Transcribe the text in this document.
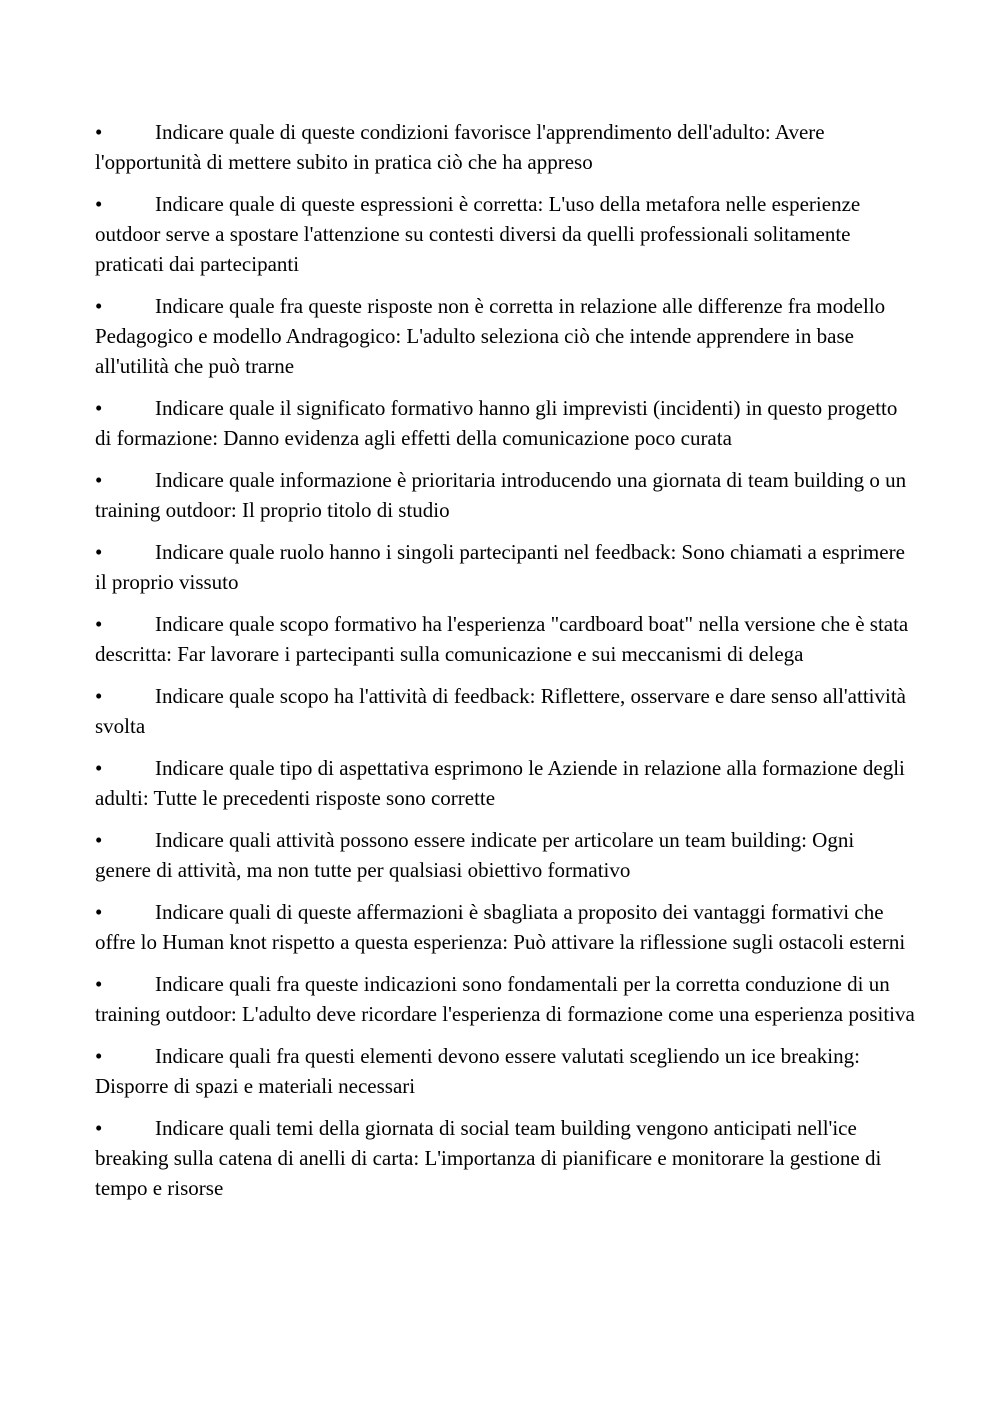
•	Indicare quale di queste condizioni favorisce l'apprendimento dell'adulto: Avere l'opportunità di mettere subito in pratica ciò che ha appreso
•	Indicare quale di queste espressioni è corretta: L'uso della metafora nelle esperienze outdoor serve a spostare l'attenzione su contesti diversi da quelli professionali solitamente praticati dai partecipanti
•	Indicare quale fra queste risposte non è corretta in relazione alle differenze fra modello Pedagogico e modello Andragogico: L'adulto seleziona ciò che intende apprendere in base all'utilità che può trarne
•	Indicare quale il significato formativo hanno gli imprevisti (incidenti) in questo progetto di formazione: Danno evidenza agli effetti della comunicazione poco curata
•	Indicare quale informazione è prioritaria introducendo una giornata di team building o un training outdoor: Il proprio titolo di studio
•	Indicare quale ruolo hanno i singoli partecipanti nel feedback: Sono chiamati a esprimere il proprio vissuto
•	Indicare quale scopo formativo ha l'esperienza "cardboard boat" nella versione che è stata descritta: Far lavorare i partecipanti sulla comunicazione e sui meccanismi di delega
•	Indicare quale scopo ha l'attività di feedback: Riflettere, osservare e dare senso all'attività svolta
•	Indicare quale tipo di aspettativa esprimono le Aziende in relazione alla formazione degli adulti: Tutte le precedenti risposte sono corrette
•	Indicare quali attività possono essere indicate per articolare un team building: Ogni genere di attività, ma non tutte per qualsiasi obiettivo formativo
•	Indicare quali di queste affermazioni è sbagliata a proposito dei vantaggi formativi che offre lo Human knot rispetto a questa esperienza: Può attivare la riflessione sugli ostacoli esterni
•	Indicare quali fra queste indicazioni sono fondamentali per la corretta conduzione di un training outdoor: L'adulto deve ricordare l'esperienza di formazione come una esperienza positiva
•	Indicare quali fra questi elementi devono essere valutati scegliendo un ice breaking: Disporre di spazi e materiali necessari
•	Indicare quali temi della giornata di social team building vengono anticipati nell'ice breaking sulla catena di anelli di carta: L'importanza di pianificare e monitorare la gestione di tempo e risorse
